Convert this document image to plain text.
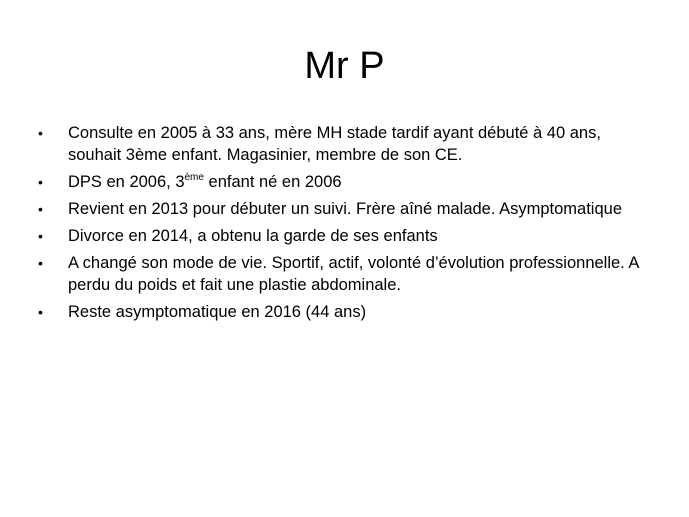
Mr P
•	Consulte en 2005 à 33 ans, mère MH stade tardif ayant débuté à 40 ans, souhait 3ème enfant. Magasinier, membre de son CE.
•	DPS en 2006, 3ème enfant né en 2006
•	Revient en 2013 pour débuter un suivi. Frère aîné malade. Asymptomatique
•	Divorce en 2014, a obtenu la garde de ses enfants
•	A changé son mode de vie. Sportif, actif, volonté d’évolution professionnelle. A perdu du poids et fait une plastie abdominale.
•	Reste asymptomatique en 2016 (44 ans)
